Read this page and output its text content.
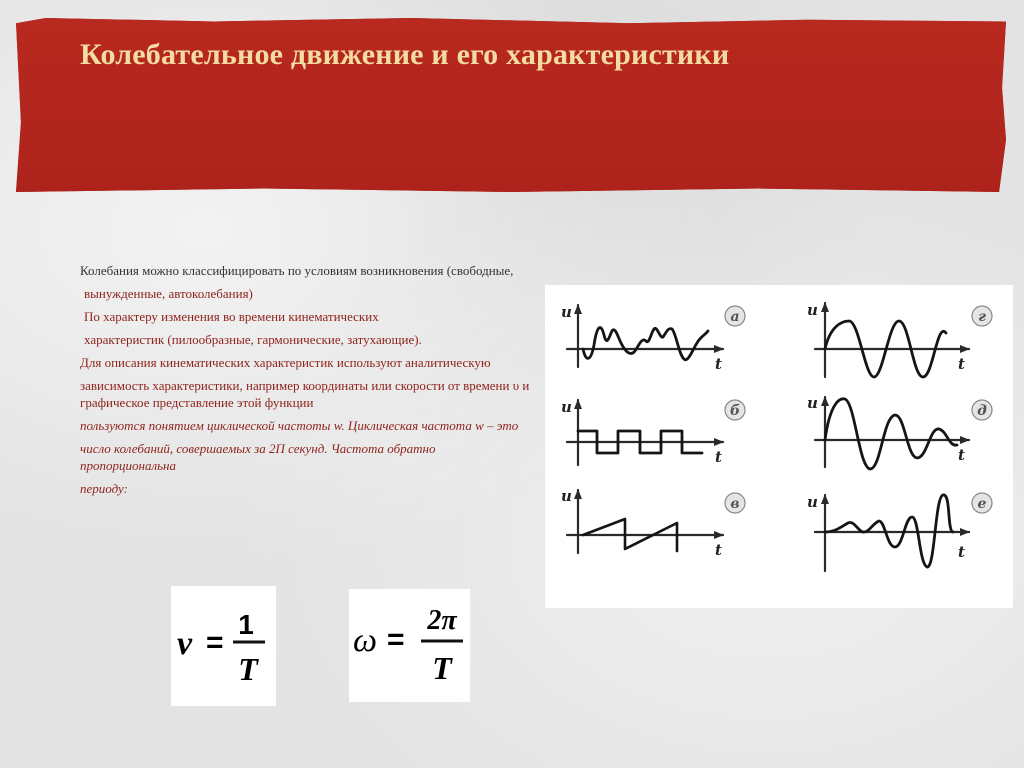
Колебательное движение и его характеристики

Колебания можно классифицировать по условиям возникновения (свободные,

вынужденные, автоколебания)

По характеру изменения во времени кинематических

характеристик (пилообразные, гармонические, затухающие).

Для описания кинематических характеристик используют аналитическую

зависимость характеристики, например координаты или скорости от времени υ и графическое представление этой функции

пользуются понятием циклической частоты w. Циклическая частота w – это

число колебаний, совершаемых за 2П секунд. Частота обратно пропорциональна

периоду:

ν =
1
T
ω =
2π
T
u
t
а
u
t
б
u
t
в
u
t
г
u
t
д
u
t
е
